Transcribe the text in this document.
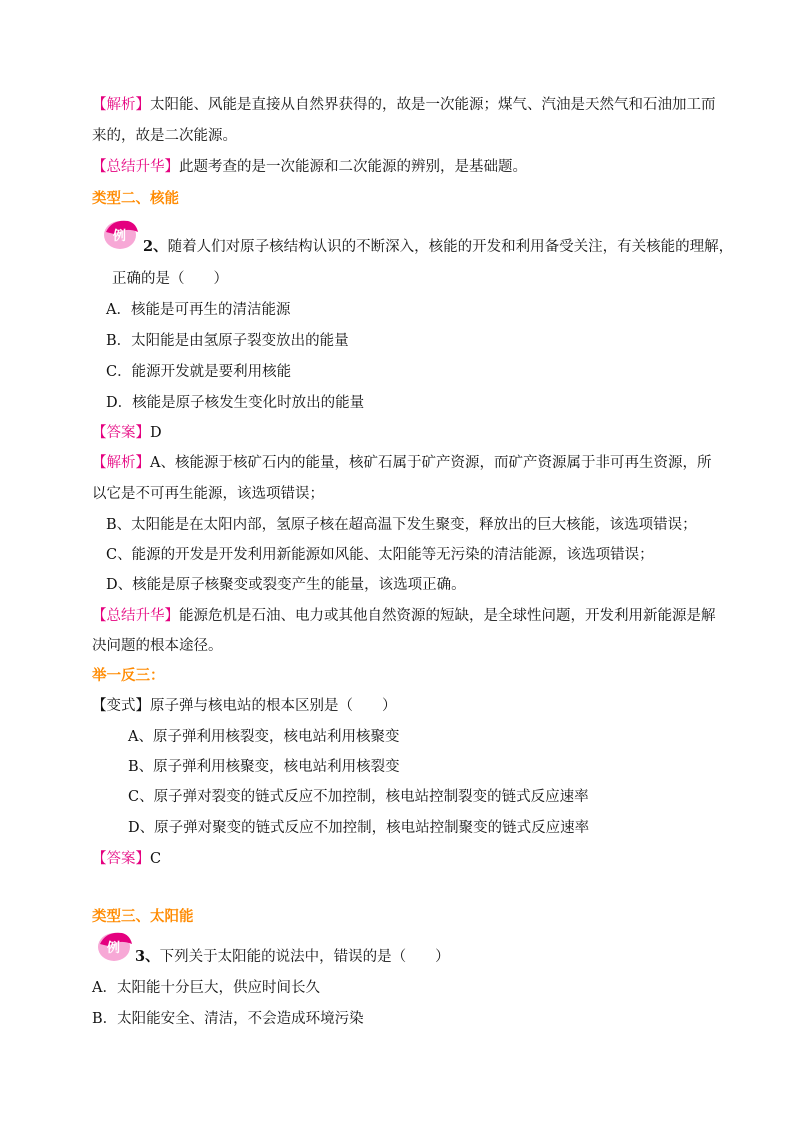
【解析】太阳能、风能是直接从自然界获得的，故是一次能源；煤气、汽油是天然气和石油加工而
来的，故是二次能源。
【总结升华】此题考查的是一次能源和二次能源的辨别，是基础题。
类型二、核能
例
2、随着人们对原子核结构认识的不断深入，核能的开发和利用备受关注，有关核能的理解，
正确的是（　　）
A．核能是可再生的清洁能源
B．太阳能是由氢原子裂变放出的能量
C．能源开发就是要利用核能
D．核能是原子核发生变化时放出的能量
【答案】D
【解析】A、核能源于核矿石内的能量，核矿石属于矿产资源，而矿产资源属于非可再生资源，所
以它是不可再生能源，该选项错误；
B、太阳能是在太阳内部，氢原子核在超高温下发生聚变，释放出的巨大核能，该选项错误；
C、能源的开发是开发利用新能源如风能、太阳能等无污染的清洁能源，该选项错误；
D、核能是原子核聚变或裂变产生的能量，该选项正确。
【总结升华】能源危机是石油、电力或其他自然资源的短缺，是全球性问题，开发利用新能源是解
决问题的根本途径。
举一反三：
【变式】原子弹与核电站的根本区别是（　　）
A、原子弹利用核裂变，核电站利用核聚变
B、原子弹利用核聚变，核电站利用核裂变
C、原子弹对裂变的链式反应不加控制，核电站控制裂变的链式反应速率
D、原子弹对聚变的链式反应不加控制，核电站控制聚变的链式反应速率
【答案】C
类型三、太阳能
例 3、下列关于太阳能的说法中，错误的是（　　）
A．太阳能十分巨大，供应时间长久
B．太阳能安全、清洁，不会造成环境污染
